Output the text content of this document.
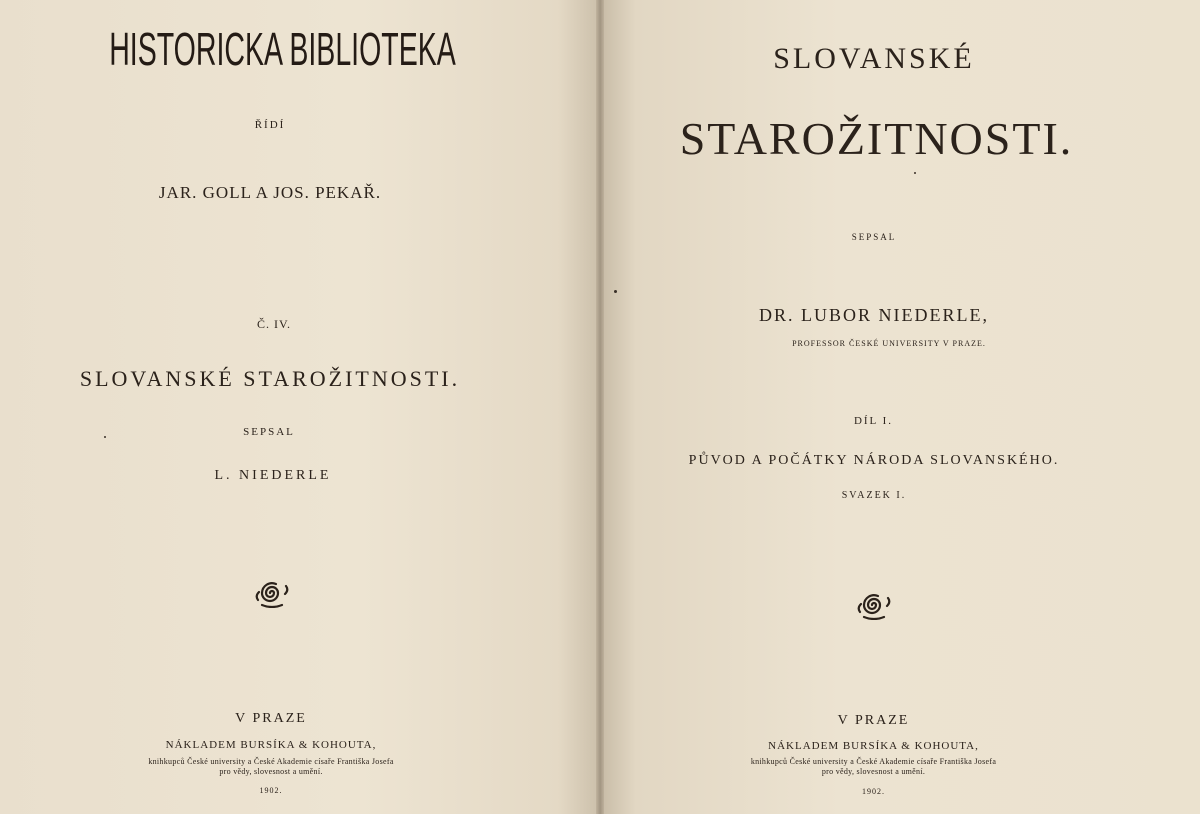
HISTORICKA BIBLIOTEKA

ŘÍDÍ

JAR. GOLL A JOS. PEKAŘ.

Č. IV.

SLOVANSKÉ STAROŽITNOSTI.

SEPSAL

L. NIEDERLE

V PRAZE

NÁKLADEM BURSÍKA & KOHOUTA,

knihkupců České university a České Akademie císaře Františka Josefa

pro vědy, slovesnost a umění.

1902.

SLOVANSKÉ

STAROŽITNOSTI.

SEPSAL

DR. LUBOR NIEDERLE,

PROFESSOR ČESKÉ UNIVERSITY V PRAZE.

DÍL I.

PŮVOD A POČÁTKY NÁRODA SLOVANSKÉHO.

SVAZEK I.

V PRAZE

NÁKLADEM BURSÍKA & KOHOUTA,

knihkupců České university a České Akademie císaře Františka Josefa

pro vědy, slovesnost a umění.

1902.
